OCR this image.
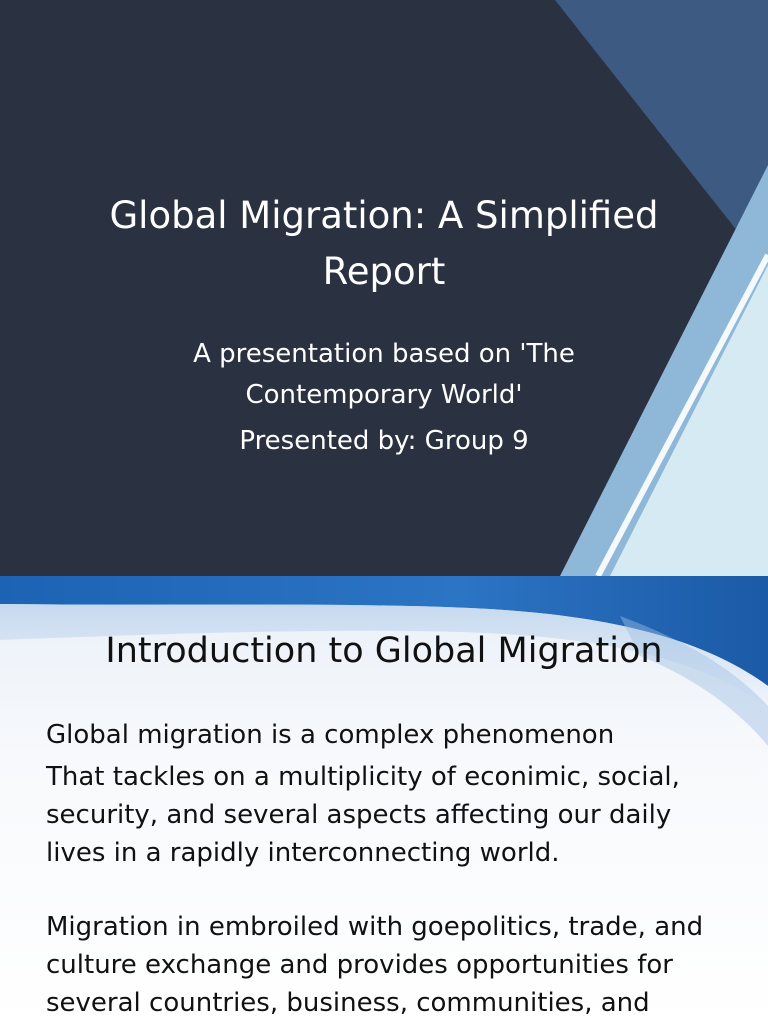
Global Migration: A Simplified Report
A presentation based on 'The Contemporary World'
Presented by: Group 9
Introduction to Global Migration

Global migration is a complex phenomenon

That tackles on a multiplicity of econimic, social, security, and several aspects affecting our daily lives in a rapidly interconnecting world.

Migration in embroiled with goepolitics, trade, and culture exchange and provides opportunities for several countries, business, communities, and
